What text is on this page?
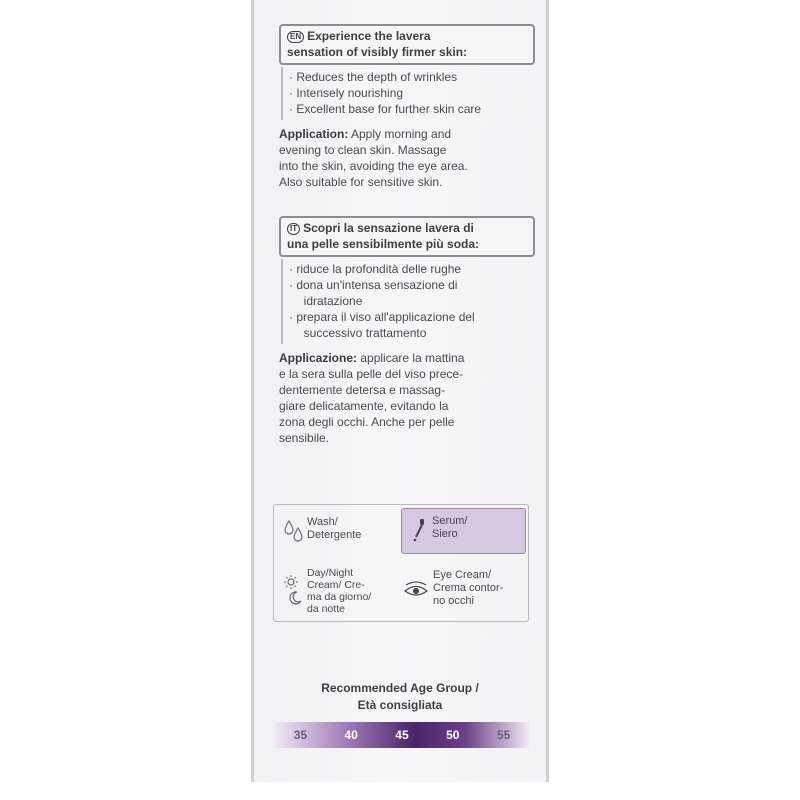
EN Experience the lavera
sensation of visibly firmer skin:
· Reduces the depth of wrinkles
· Intensely nourishing
· Excellent base for further skin care
Application: Apply morning and
evening to clean skin. Massage
into the skin, avoiding the eye area.
Also suitable for sensitive skin.
IT Scopri la sensazione lavera di
una pelle sensibilmente più soda:
· riduce la profondità delle rughe
· dona un'intensa sensazione di
idratazione
· prepara il viso all'applicazione del
successivo trattamento
Applicazione: applicare la mattina
e la sera sulla pelle del viso prece-
dentemente detersa e massag-
giare delicatamente, evitando la
zona degli occhi. Anche per pelle
sensibile.
Wash/
Detergente
Serum/
Siero
Day/Night
Cream/ Cre-
ma da giorno/
da notte
Eye Cream/
Crema contor-
no occhi
Recommended Age Group /
Età consigliata
35	40	45	50	55
